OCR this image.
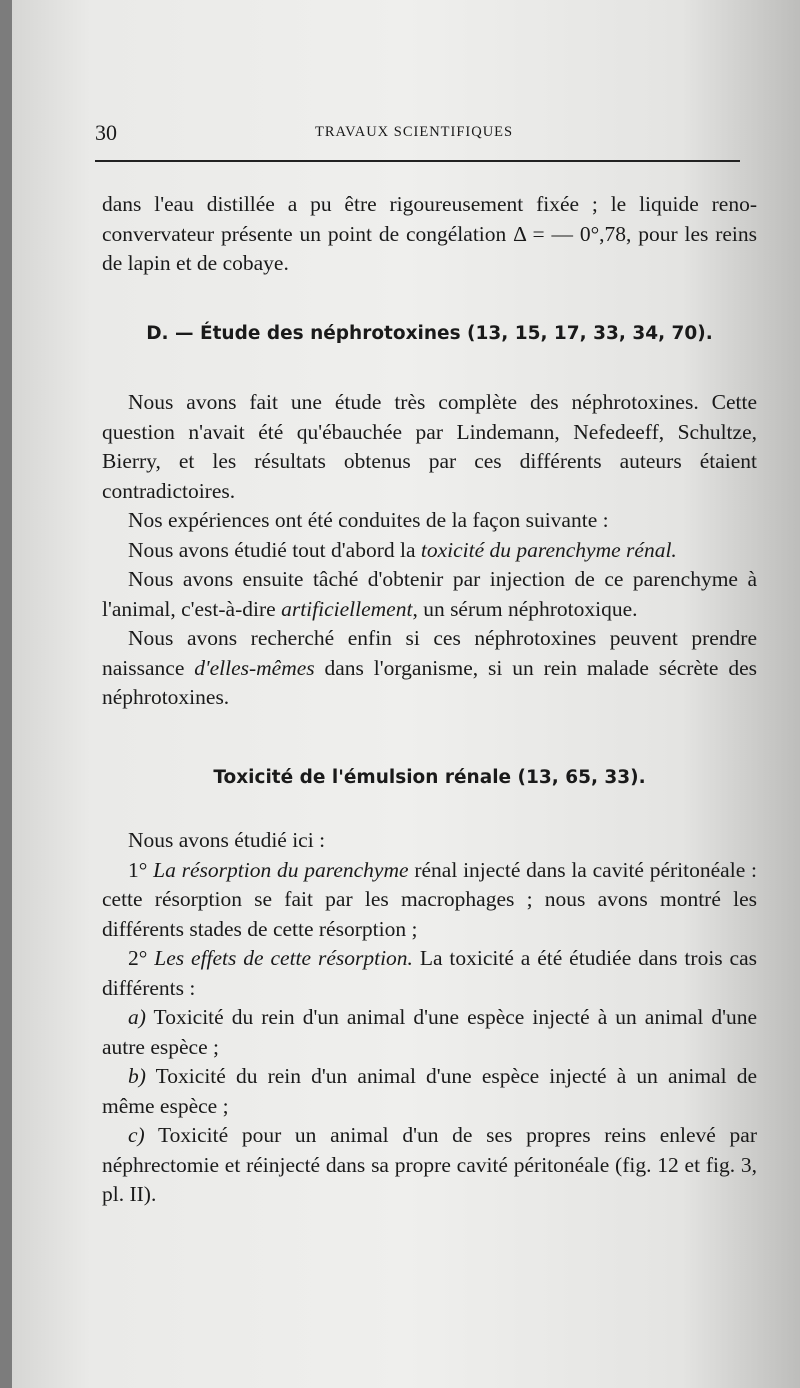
30	TRAVAUX SCIENTIFIQUES

dans l'eau distillée a pu être rigoureusement fixée ; le liquide reno-convervateur présente un point de congélation Δ = — 0°,78, pour les reins de lapin et de cobaye.

D. — Étude des néphrotoxines (13, 15, 17, 33, 34, 70).

Nous avons fait une étude très complète des néphrotoxines. Cette question n'avait été qu'ébauchée par Lindemann, Nefedeeff, Schultze, Bierry, et les résultats obtenus par ces différents auteurs étaient contradictoires.

Nos expériences ont été conduites de la façon suivante :

Nous avons étudié tout d'abord la toxicité du parenchyme rénal.

Nous avons ensuite tâché d'obtenir par injection de ce parenchyme à l'animal, c'est-à-dire artificiellement, un sérum néphrotoxique.

Nous avons recherché enfin si ces néphrotoxines peuvent prendre naissance d'elles-mêmes dans l'organisme, si un rein malade sécrète des néphrotoxines.

Toxicité de l'émulsion rénale (13, 65, 33).

Nous avons étudié ici :

1° La résorption du parenchyme rénal injecté dans la cavité péritonéale : cette résorption se fait par les macrophages ; nous avons montré les différents stades de cette résorption ;

2° Les effets de cette résorption. La toxicité a été étudiée dans trois cas différents :

a) Toxicité du rein d'un animal d'une espèce injecté à un animal d'une autre espèce ;

b) Toxicité du rein d'un animal d'une espèce injecté à un animal de même espèce ;

c) Toxicité pour un animal d'un de ses propres reins enlevé par néphrectomie et réinjecté dans sa propre cavité péritonéale (fig. 12 et fig. 3, pl. II).
